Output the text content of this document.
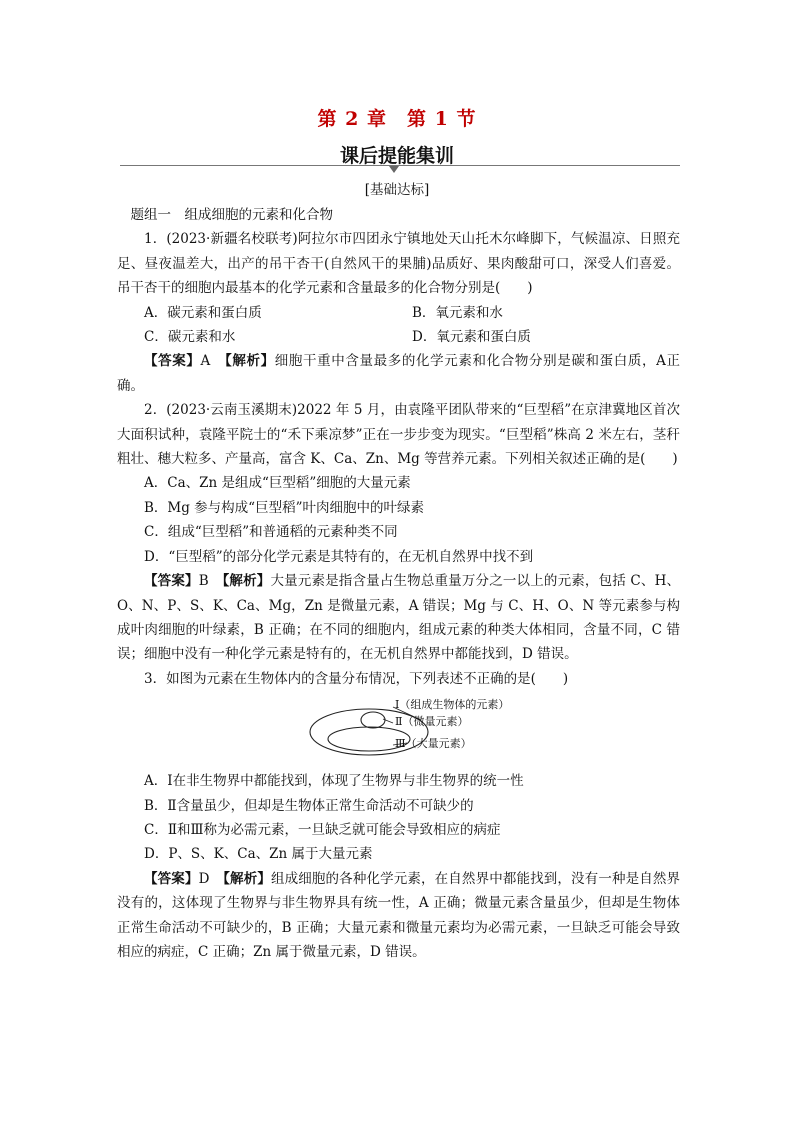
第 2 章　第 1 节
课后提能集训
[基础达标]

题组一　组成细胞的元素和化合物

1．(2023·新疆名校联考)阿拉尔市四团永宁镇地处天山托木尔峰脚下，气候温凉、日照充足、昼夜温差大，出产的吊干杏干(自然风干的果脯)品质好、果肉酸甜可口，深受人们喜爱。吊干杏干的细胞内最基本的化学元素和含量最多的化合物分别是(　　)

A．碳元素和蛋白质	B．氧元素和水
C．碳元素和水	D．氧元素和蛋白质

【答案】A　 【解析】细胞干重中含量最多的化学元素和化合物分别是碳和蛋白质，A正确。

2．(2023·云南玉溪期末)2022 年 5 月，由袁隆平团队带来的“巨型稻”在京津冀地区首次大面积试种，袁隆平院士的“禾下乘凉梦”正在一步步变为现实。“巨型稻”株高 2 米左右，茎秆粗壮、穗大粒多、产量高，富含 K、Ca、Zn、Mg 等营养元素。下列相关叙述正确的是(　　)

A．Ca、Zn 是组成“巨型稻”细胞的大量元素

B．Mg 参与构成“巨型稻”叶肉细胞中的叶绿素

C．组成“巨型稻”和普通稻的元素种类不同

D．“巨型稻”的部分化学元素是其特有的，在无机自然界中找不到

【答案】B　 【解析】大量元素是指含量占生物总重量万分之一以上的元素，包括 C、H、O、N、P、S、K、Ca、Mg，Zn 是微量元素，A 错误；Mg 与 C、H、O、N 等元素参与构成叶肉细胞的叶绿素，B 正确；在不同的细胞内，组成元素的种类大体相同，含量不同，C 错误；细胞中没有一种化学元素是特有的，在无机自然界中都能找到，D 错误。

3．如图为元素在生物体内的含量分布情况，下列表述不正确的是(　　)

Ⅰ（组成生物体的元素）
Ⅱ（微量元素）
Ⅲ（大量元素）

A．Ⅰ在非生物界中都能找到，体现了生物界与非生物界的统一性

B．Ⅱ含量虽少，但却是生物体正常生命活动不可缺少的

C．Ⅱ和Ⅲ称为必需元素，一旦缺乏就可能会导致相应的病症

D．P、S、K、Ca、Zn 属于大量元素

【答案】D　 【解析】组成细胞的各种化学元素，在自然界中都能找到，没有一种是自然界没有的，这体现了生物界与非生物界具有统一性，A 正确；微量元素含量虽少，但却是生物体正常生命活动不可缺少的，B 正确；大量元素和微量元素均为必需元素，一旦缺乏可能会导致相应的病症，C 正确；Zn 属于微量元素，D 错误。
